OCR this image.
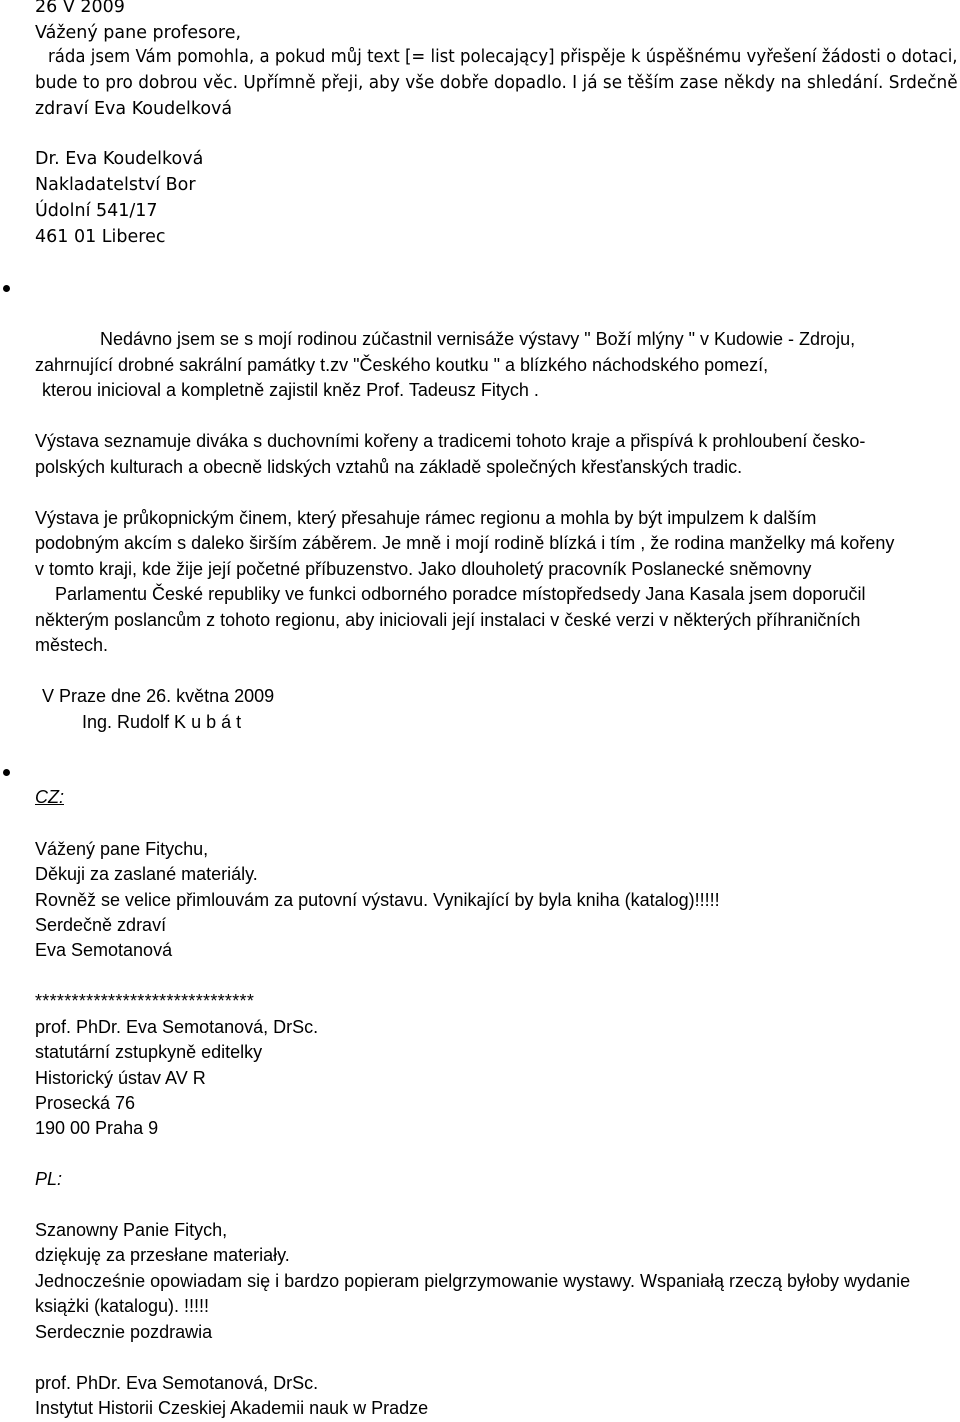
26 V 2009
Vážený pane profesore,
ráda jsem Vám pomohla, a pokud můj text [= list polecający] přispěje k úspěšnému vyřešení žádosti o dotaci,
bude to pro dobrou věc. Upřímně přeji, aby vše dobře dopadlo. I já se těším zase někdy na shledání. Srdečně
zdraví Eva Koudelková
Dr. Eva Koudelková
Nakladatelství Bor
Údolní 541/17
461 01 Liberec
Nedávno jsem se s mojí rodinou zúčastnil vernisáže výstavy " Boží mlýny " v Kudowie - Zdroju,
zahrnující drobné sakrální památky t.zv "Českého koutku " a blízkého náchodského pomezí,
kterou inicioval a kompletně zajistil kněz Prof. Tadeusz Fitych .
Výstava seznamuje diváka s duchovními kořeny a tradicemi tohoto kraje a přispívá k prohloubení česko-
polských kulturach a obecně lidských vztahů na základě společných křesťanských tradic.
Výstava je průkopnickým činem, který přesahuje rámec regionu a mohla by být impulzem k dalším
podobným akcím s daleko širším záběrem. Je mně i mojí rodině blízká i tím , že rodina manželky má kořeny
v tomto kraji, kde žije její početné příbuzenstvo. Jako dlouholetý pracovník Poslanecké sněmovny
Parlamentu České republiky ve funkci odborného poradce místopředsedy Jana Kasala jsem doporučil
některým poslancům z tohoto regionu, aby iniciovali její instalaci v české verzi v některých příhraničních
městech.
V Praze dne 26. května 2009
Ing. Rudolf K u b á t
CZ:
Vážený pane Fitychu,
Děkuji za zaslané materiály.
Rovněž se velice přimlouvám za putovní výstavu. Vynikající by byla kniha (katalog)!!!!!
Serdečně zdraví
Eva Semotanová
******************************
prof. PhDr. Eva Semotanová, DrSc.
statutární zstupkyně editelky
Historický ústav AV R
Prosecká 76
190 00 Praha 9
PL:
Szanowny Panie Fitych,
dziękuję za przesłane materiały.
Jednocześnie opowiadam się i bardzo popieram pielgrzymowanie wystawy. Wspaniałą rzeczą byłoby wydanie
książki (katalogu). !!!!!
Serdecznie pozdrawia
prof. PhDr. Eva Semotanová, DrSc.
Instytut Historii Czeskiej Akademii nauk w Pradze
